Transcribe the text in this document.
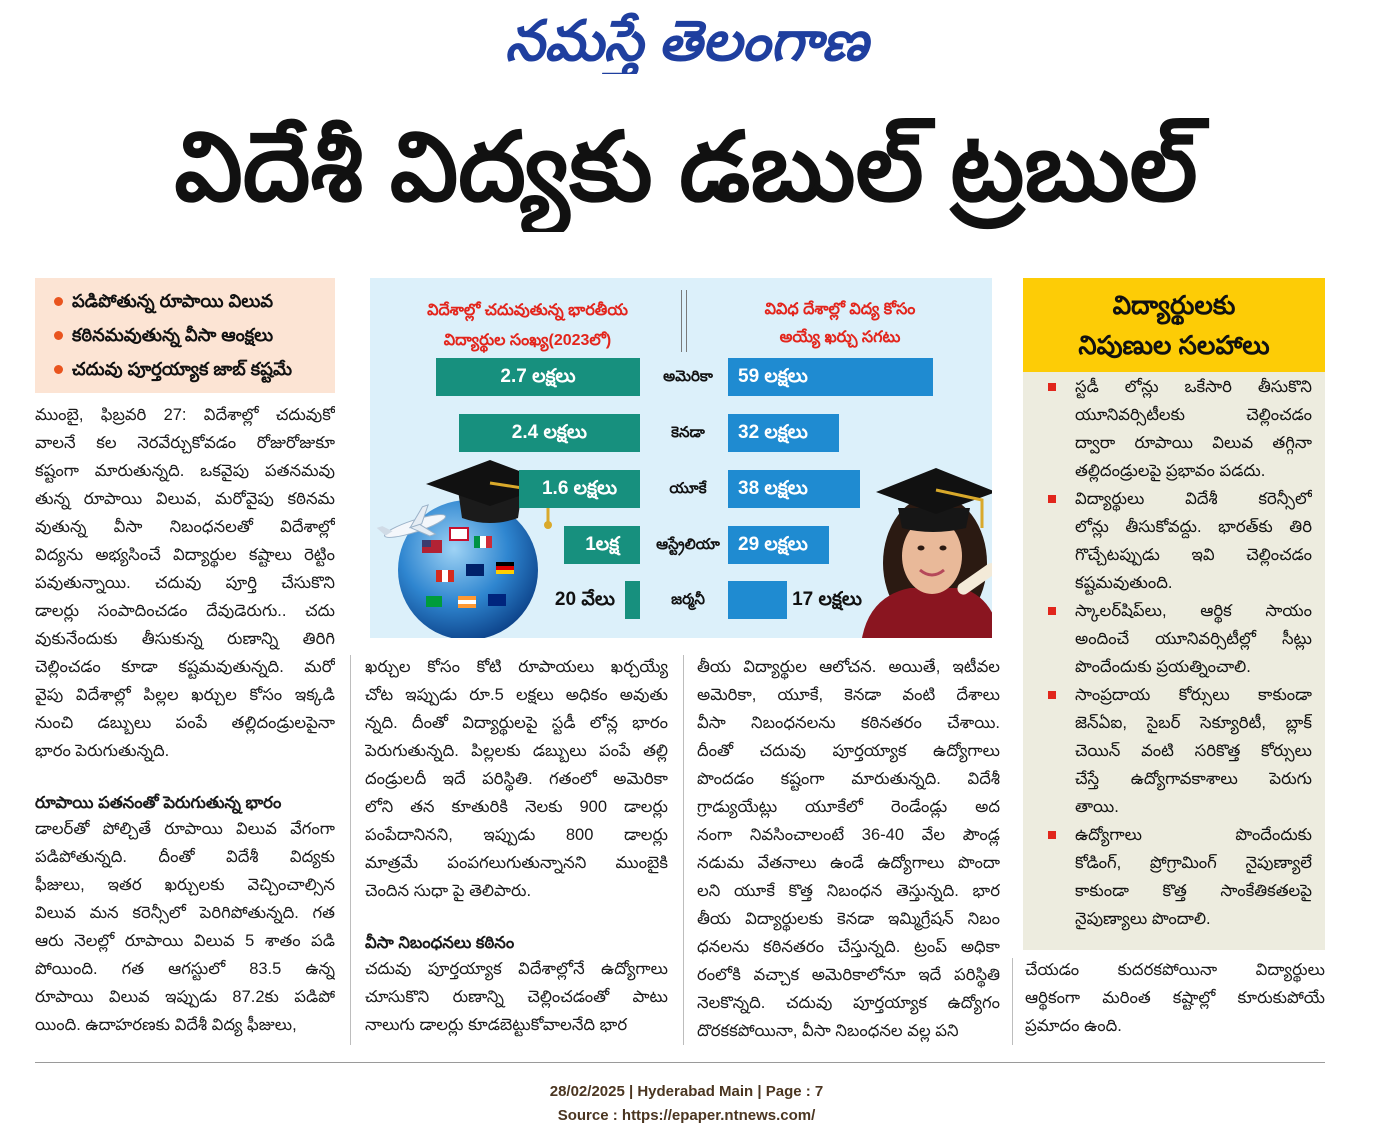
నమస్తే తెలంగాణ
విదేశీ విద్యకు డబుల్ ట్రబుల్
పడిపోతున్న రూపాయి విలువ
కఠినమవుతున్న వీసా ఆంక్షలు
చదువు పూర్తయ్యాక జాబ్ కష్టమే
విదేశాల్లో చదువుతున్న భారతీయ
విద్యార్థుల సంఖ్య(2023లో)
వివిధ దేశాల్లో విద్య కోసం
అయ్యే ఖర్చు సగటు
2.7 లక్షలు	అమెరికా	59 లక్షలు
2.4 లక్షలు	కెనడా	32 లక్షలు
1.6 లక్షలు	యూకే	38 లక్షలు
1లక్ష	ఆస్ట్రేలియా 29 లక్షలు
20 వేలు	జర్మనీ	17 లక్షలు
ముంబై, ఫిబ్రవరి 27: విదేశాల్లో చదువుకో
వాలనే కల నెరవేర్చుకోవడం రోజురోజుకూ
కష్టంగా మారుతున్నది. ఒకవైపు పతనమవు
తున్న రూపాయి విలువ, మరోవైపు కఠినమ
వుతున్న వీసా నిబంధనలతో విదేశాల్లో
విద్యను అభ్యసించే విద్యార్థుల కష్టాలు రెట్టిం
పవుతున్నాయి. చదువు పూర్తి చేసుకొని
డాలర్లు సంపాదించడం దేవుడెరుగు.. చదు
వుకునేందుకు తీసుకున్న రుణాన్ని తిరిగి
చెల్లించడం కూడా కష్టమవుతున్నది. మరో
వైపు విదేశాల్లో పిల్లల ఖర్చుల కోసం ఇక్కడి
నుంచి డబ్బులు పంపే తల్లిదండ్రులపైనా
భారం పెరుగుతున్నది.
రూపాయి పతనంతో పెరుగుతున్న భారం
డాలర్‌తో పోల్చితే రూపాయి విలువ వేగంగా
పడిపోతున్నది. దీంతో విదేశీ విద్యకు
ఫీజులు, ఇతర ఖర్చులకు వెచ్చించాల్సిన
విలువ మన కరెన్సీలో పెరిగిపోతున్నది. గత
ఆరు నెలల్లో రూపాయి విలువ 5 శాతం పడి
పోయింది. గత ఆగస్టులో 83.5 ఉన్న
రూపాయి విలువ ఇప్పుడు 87.2కు పడిపో
యింది. ఉదాహరణకు విదేశీ విద్య ఫీజులు,
ఖర్చుల కోసం కోటి రూపాయలు ఖర్చయ్యే
చోట ఇప్పుడు రూ.5 లక్షలు అధికం అవుతు
న్నది. దీంతో విద్యార్థులపై స్టడీ లోన్ల భారం
పెరుగుతున్నది. పిల్లలకు డబ్బులు పంపే తల్లి
దండ్రులదీ ఇదే పరిస్థితి. గతంలో అమెరికా
లోని తన కూతురికి నెలకు 900 డాలర్లు
పంపేదానినని, ఇప్పుడు 800 డాలర్లు
మాత్రమే పంపగలుగుతున్నానని ముంబైకి
చెందిన సుధా పై తెలిపారు.
వీసా నిబంధనలు కఠినం
చదువు పూర్తయ్యాక విదేశాల్లోనే ఉద్యోగాలు
చూసుకొని రుణాన్ని చెల్లించడంతో పాటు
నాలుగు డాలర్లు కూడబెట్టుకోవాలనేది భార
తీయ విద్యార్థుల ఆలోచన. అయితే, ఇటీవల
అమెరికా, యూకే, కెనడా వంటి దేశాలు
వీసా నిబంధనలను కఠినతరం చేశాయి.
దీంతో చదువు పూర్తయ్యాక ఉద్యోగాలు
పొందడం కష్టంగా మారుతున్నది. విదేశీ
గ్రాడ్యుయేట్లు యూకేలో రెండేండ్లు అద
నంగా నివసించాలంటే 36-40 వేల పౌండ్ల
నడుమ వేతనాలు ఉండే ఉద్యోగాలు పొందా
లని యూకే కొత్త నిబంధన తెస్తున్నది. భార
తీయ విద్యార్థులకు కెనడా ఇమ్మిగ్రేషన్ నిబం
ధనలను కఠినతరం చేస్తున్నది. ట్రంప్ అధికా
రంలోకి వచ్చాక అమెరికాలోనూ ఇదే పరిస్థితి
నెలకొన్నది. చదువు పూర్తయ్యాక ఉద్యోగం
దొరకకపోయినా, వీసా నిబంధనల వల్ల పని
విద్యార్థులకు
నిపుణుల సలహాలు
స్టడీ లోన్లు ఒకేసారి తీసుకొని
యూనివర్సిటీలకు చెల్లించడం
ద్వారా రూపాయి విలువ తగ్గినా
తల్లిదండ్రులపై ప్రభావం పడదు.
విద్యార్థులు విదేశీ కరెన్సీలో
లోన్లు తీసుకోవద్దు. భారత్‌కు తిరి
గొచ్చేటప్పుడు ఇవి చెల్లించడం
కష్టమవుతుంది.
స్కాలర్‌షిప్‌లు, ఆర్థిక సాయం
అందించే యూనివర్సిటీల్లో సీట్లు
పొందేందుకు ప్రయత్నించాలి.
సాంప్రదాయ కోర్సులు కాకుండా
జెన్‌ఏఐ, సైబర్ సెక్యూరిటీ, బ్లాక్
చెయిన్ వంటి సరికొత్త కోర్సులు
చేస్తే ఉద్యోగావకాశాలు పెరుగు
తాయి.
ఉద్యోగాలు పొందేందుకు
కోడింగ్, ప్రోగ్రామింగ్ నైపుణ్యాలే
కాకుండా కొత్త సాంకేతికతలపై
నైపుణ్యాలు పొందాలి.
చేయడం కుదరకపోయినా విద్యార్థులు
ఆర్థికంగా మరింత కష్టాల్లో కూరుకుపోయే
ప్రమాదం ఉంది.
28/02/2025 | Hyderabad Main | Page : 7
Source : https://epaper.ntnews.com/
